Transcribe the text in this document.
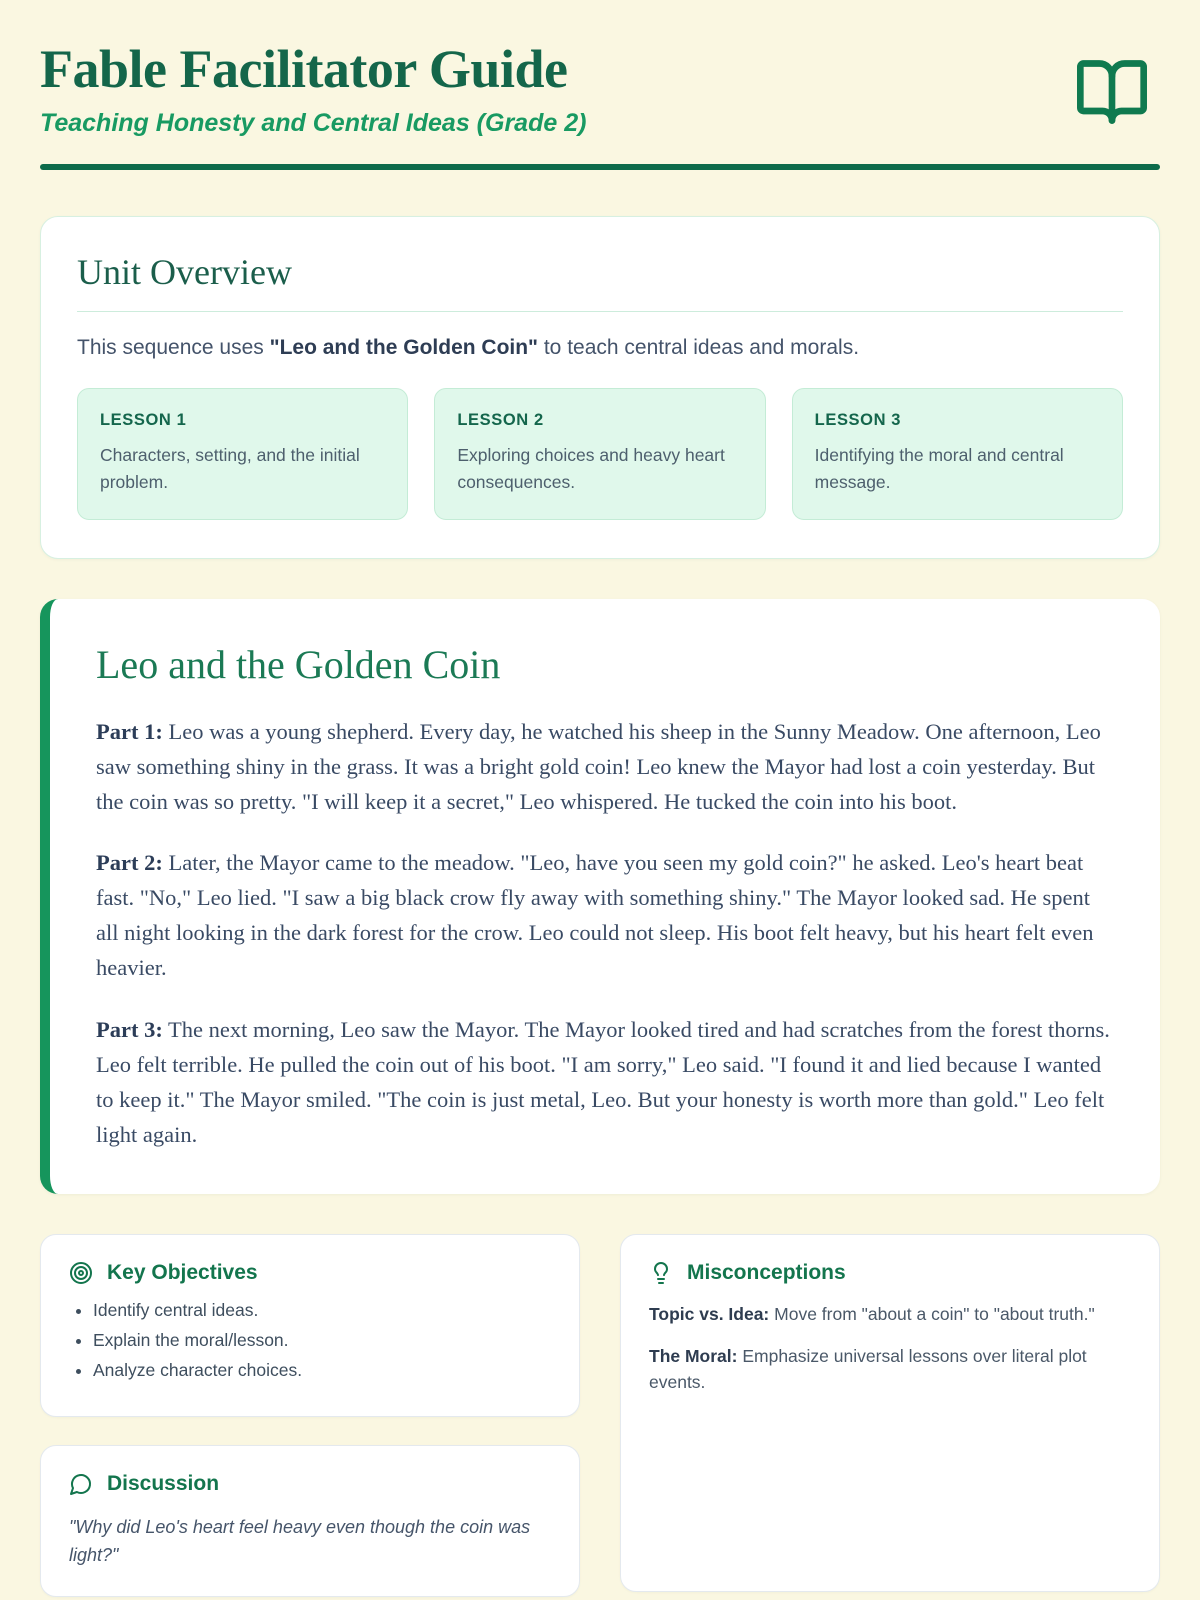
Fable Facilitator Guide
Teaching Honesty and Central Ideas (Grade 2)
Unit Overview

This sequence uses "Leo and the Golden Coin" to teach central ideas and morals.

LESSON 1
Characters, setting, and the initial problem.
LESSON 2
Exploring choices and heavy heart consequences.
LESSON 3
Identifying the moral and central message.
Leo and the Golden Coin

Part 1: Leo was a young shepherd. Every day, he watched his sheep in the Sunny Meadow. One afternoon, Leo saw something shiny in the grass. It was a bright gold coin! Leo knew the Mayor had lost a coin yesterday. But the coin was so pretty. "I will keep it a secret," Leo whispered. He tucked the coin into his boot.

Part 2: Later, the Mayor came to the meadow. "Leo, have you seen my gold coin?" he asked. Leo's heart beat fast. "No," Leo lied. "I saw a big black crow fly away with something shiny." The Mayor looked sad. He spent all night looking in the dark forest for the crow. Leo could not sleep. His boot felt heavy, but his heart felt even heavier.

Part 3: The next morning, Leo saw the Mayor. The Mayor looked tired and had scratches from the forest thorns. Leo felt terrible. He pulled the coin out of his boot. "I am sorry," Leo said. "I found it and lied because I wanted to keep it." The Mayor smiled. "The coin is just metal, Leo. But your honesty is worth more than gold." Leo felt light again.

Key Objectives
• Identify central ideas.
• Explain the moral/lesson.
• Analyze character choices.
Discussion

"Why did Leo's heart feel heavy even though the coin was light?"

Misconceptions

Topic vs. Idea: Move from "about a coin" to "about truth."

The Moral: Emphasize universal lessons over literal plot events.
